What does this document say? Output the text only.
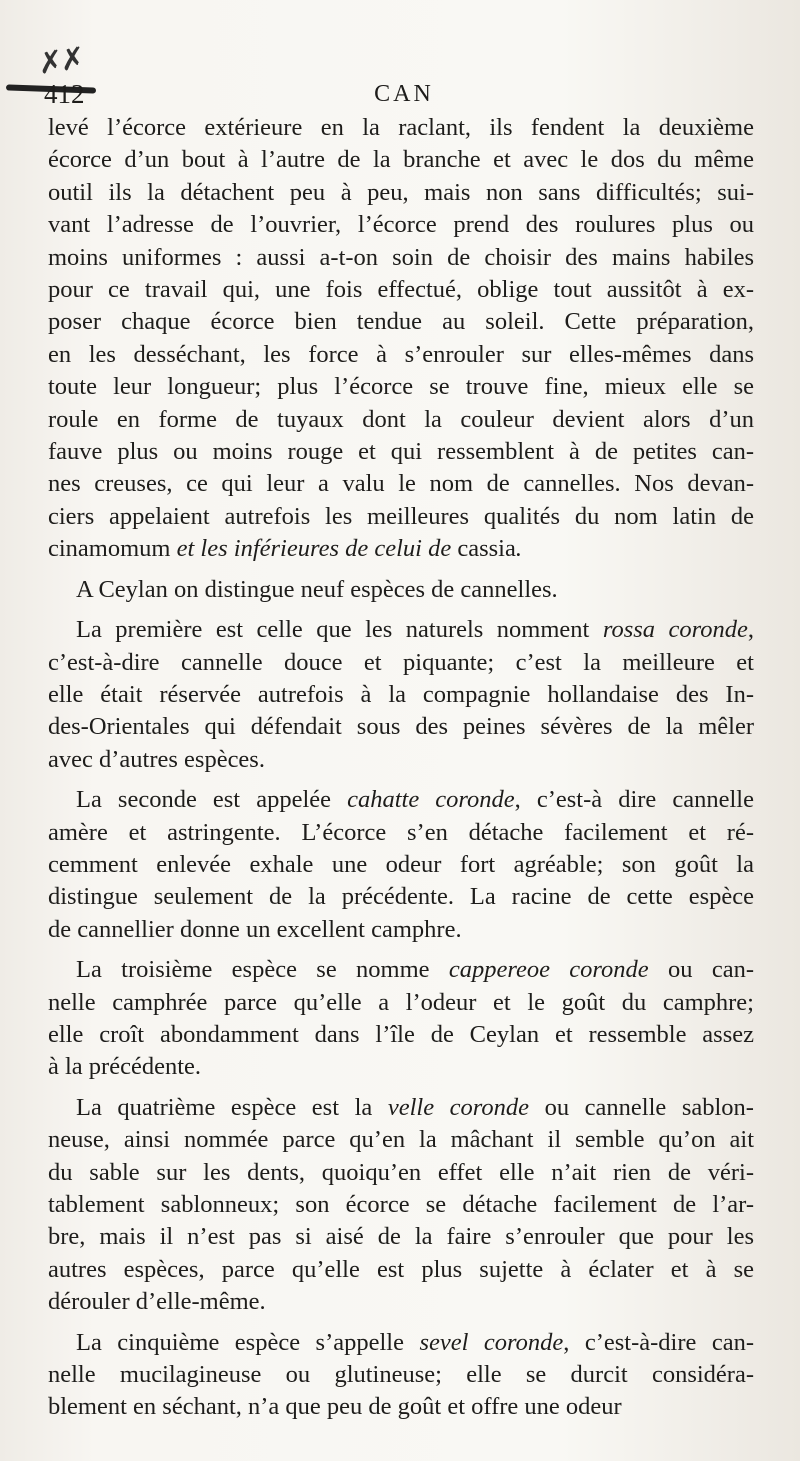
✗✗
412	CAN

levé l’écorce extérieure en la raclant, ils fendent la deuxième
écorce d’un bout à l’autre de la branche et avec le dos du même
outil ils la détachent peu à peu, mais non sans difficultés; sui-
vant l’adresse de l’ouvrier, l’écorce prend des roulures plus ou
moins uniformes : aussi a-t-on soin de choisir des mains habiles
pour ce travail qui, une fois effectué, oblige tout aussitôt à ex-
poser chaque écorce bien tendue au soleil. Cette préparation,
en les desséchant, les force à s’enrouler sur elles-mêmes dans
toute leur longueur; plus l’écorce se trouve fine, mieux elle se
roule en forme de tuyaux dont la couleur devient alors d’un
fauve plus ou moins rouge et qui ressemblent à de petites can-
nes creuses, ce qui leur a valu le nom de cannelles. Nos devan-
ciers appelaient autrefois les meilleures qualités du nom latin de
cinamomum et les inférieures de celui de cassia.

A Ceylan on distingue neuf espèces de cannelles.

La première est celle que les naturels nomment rossa coronde,
c’est-à-dire cannelle douce et piquante; c’est la meilleure et
elle était réservée autrefois à la compagnie hollandaise des In-
des-Orientales qui défendait sous des peines sévères de la mêler
avec d’autres espèces.

La seconde est appelée cahatte coronde, c’est-à dire cannelle
amère et astringente. L’écorce s’en détache facilement et ré-
cemment enlevée exhale une odeur fort agréable; son goût la
distingue seulement de la précédente. La racine de cette espèce
de cannellier donne un excellent camphre.

La troisième espèce se nomme cappereoe coronde ou can-
nelle camphrée parce qu’elle a l’odeur et le goût du camphre;
elle croît abondamment dans l’île de Ceylan et ressemble assez
à la précédente.

La quatrième espèce est la velle coronde ou cannelle sablon-
neuse, ainsi nommée parce qu’en la mâchant il semble qu’on ait
du sable sur les dents, quoiqu’en effet elle n’ait rien de véri-
tablement sablonneux; son écorce se détache facilement de l’ar-
bre, mais il n’est pas si aisé de la faire s’enrouler que pour les
autres espèces, parce qu’elle est plus sujette à éclater et à se
dérouler d’elle-même.

La cinquième espèce s’appelle sevel coronde, c’est-à-dire can-
nelle mucilagineuse ou glutineuse; elle se durcit considéra-
blement en séchant, n’a que peu de goût et offre une odeur
